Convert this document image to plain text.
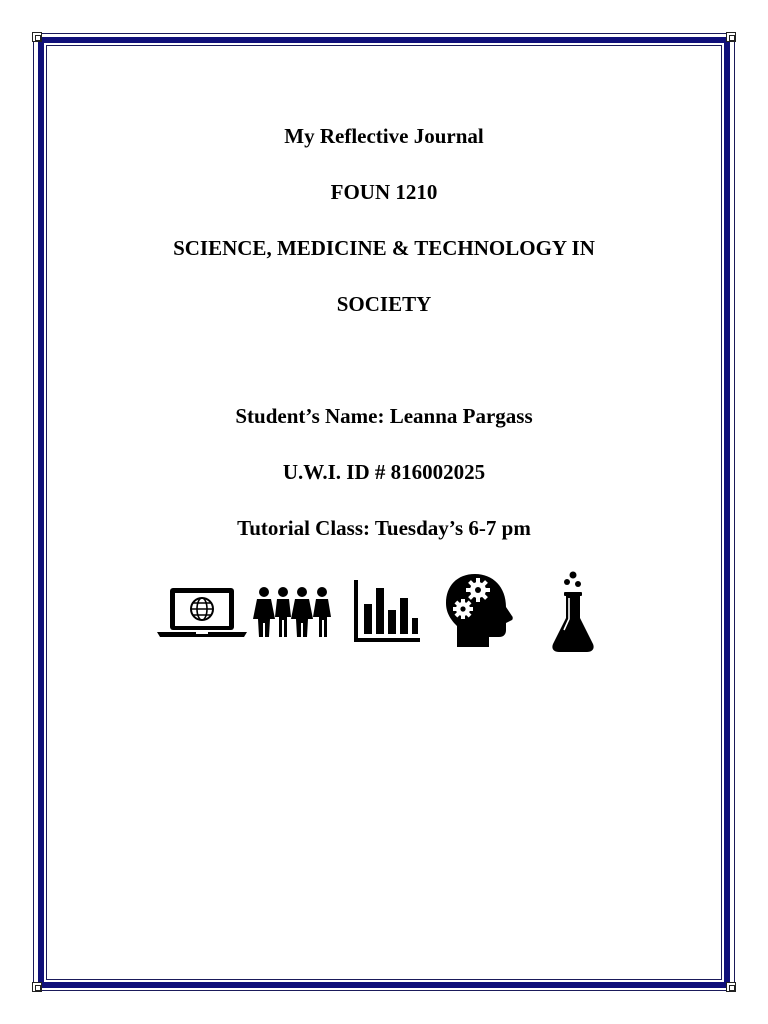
My Reflective Journal
FOUN 1210
SCIENCE, MEDICINE & TECHNOLOGY IN
SOCIETY
Student’s Name: Leanna Pargass
U.W.I. ID # 816002025
Tutorial Class: Tuesday’s 6-7 pm
